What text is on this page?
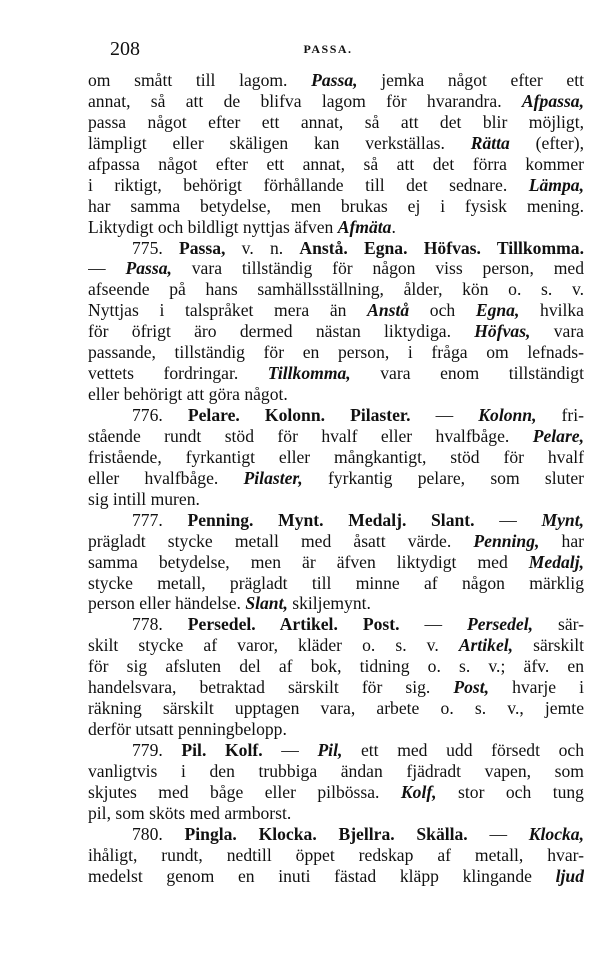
208	PASSA.
om smått till lagom. Passa, jemka något efter ett
annat, så att de blifva lagom för hvarandra. Afpassa,
passa något efter ett annat, så att det blir möjligt,
lämpligt eller skäligen kan verkställas. Rätta (efter),
afpassa något efter ett annat, så att det förra kommer
i riktigt, behörigt förhållande till det sednare. Lämpa,
har samma betydelse, men brukas ej i fysisk mening.
Liktydigt och bildligt nyttjas äfven Afmäta.
775. Passa, v. n. Anstå. Egna. Höfvas. Tillkomma.
— Passa, vara tillständig för någon viss person, med
afseende på hans samhällsställning, ålder, kön o. s. v.
Nyttjas i talspråket mera än Anstå och Egna, hvilka
för öfrigt äro dermed nästan liktydiga. Höfvas, vara
passande, tillständig för en person, i fråga om lefnads-
vettets fordringar. Tillkomma, vara enom tillständigt
eller behörigt att göra något.
776. Pelare. Kolonn. Pilaster. — Kolonn, fri-
stående rundt stöd för hvalf eller hvalfbåge. Pelare,
fristående, fyrkantigt eller mångkantigt, stöd för hvalf
eller hvalfbåge. Pilaster, fyrkantig pelare, som sluter
sig intill muren.
777. Penning. Mynt. Medalj. Slant. — Mynt,
prägladt stycke metall med åsatt värde. Penning, har
samma betydelse, men är äfven liktydigt med Medalj,
stycke metall, prägladt till minne af någon märklig
person eller händelse. Slant, skiljemynt.
778. Persedel. Artikel. Post. — Persedel, sär-
skilt stycke af varor, kläder o. s. v. Artikel, särskilt
för sig afsluten del af bok, tidning o. s. v.; äfv. en
handelsvara, betraktad särskilt för sig. Post, hvarje i
räkning särskilt upptagen vara, arbete o. s. v., jemte
derför utsatt penningbelopp.
779. Pil. Kolf. — Pil, ett med udd försedt och
vanligtvis i den trubbiga ändan fjädradt vapen, som
skjutes med båge eller pilbössa. Kolf, stor och tung
pil, som sköts med armborst.
780. Pingla. Klocka. Bjellra. Skälla. — Klocka,
ihåligt, rundt, nedtill öppet redskap af metall, hvar-
medelst genom en inuti fästad kläpp klingande ljud
